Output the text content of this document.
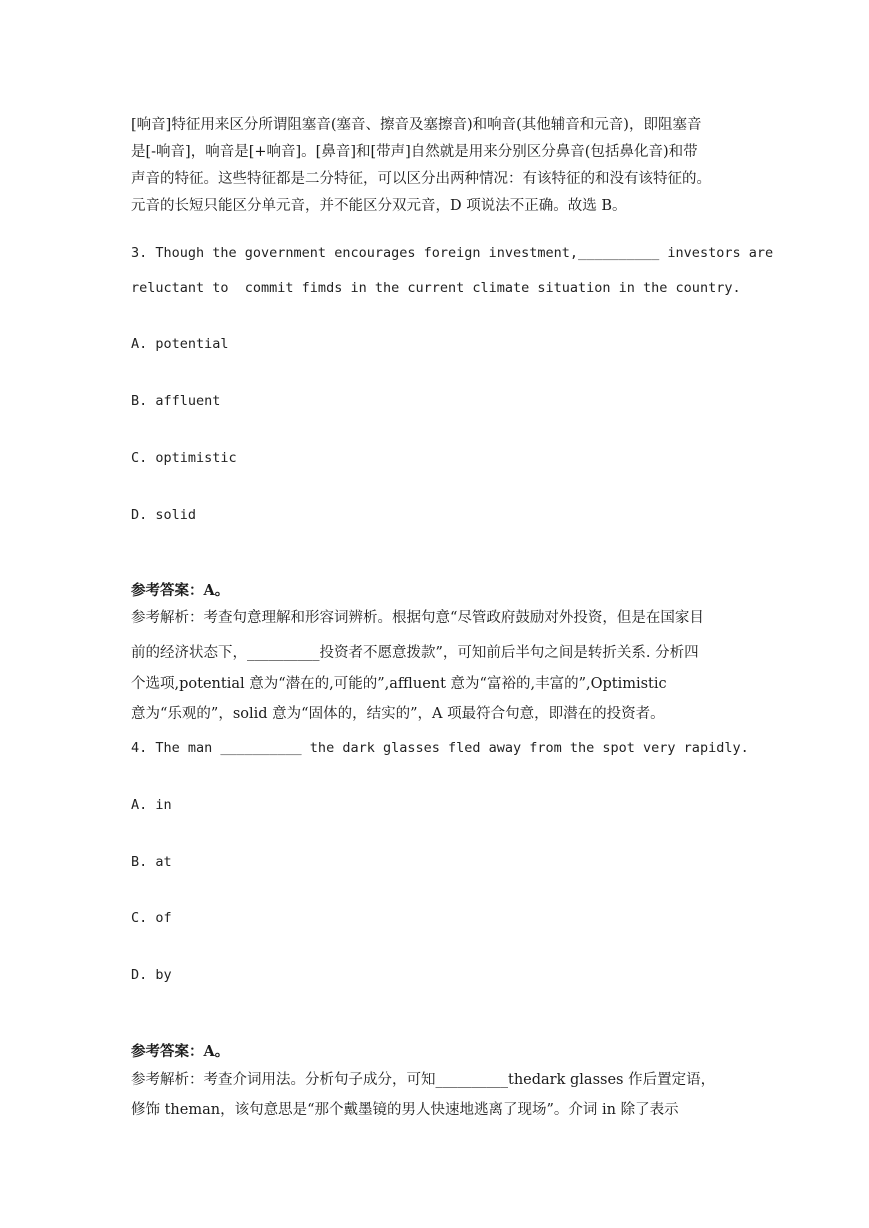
[响音]特征用来区分所谓阻塞音(塞音、擦音及塞擦音)和响音(其他辅音和元音)，即阻塞音
是[-响音]，响音是[+响音]。[鼻音]和[带声]自然就是用来分别区分鼻音(包括鼻化音)和带
声音的特征。这些特征都是二分特征，可以区分出两种情况：有该特征的和没有该特征的。
元音的长短只能区分单元音，并不能区分双元音，D 项说法不正确。故选 B。
3. Though the government encourages foreign investment,__________ investors are
reluctant to  commit fimds in the current climate situation in the country.
A. potential
B. affluent
C. optimistic
D. solid
参考答案：A。
参考解析：考查句意理解和形容词辨析。根据句意“尽管政府鼓励对外投资，但是在国家目
前的经济状态下，__________投资者不愿意拨款”，可知前后半句之间是转折关系. 分析四
个选项,potential 意为“潜在的,可能的”,affluent 意为“富裕的,丰富的”,Optimistic
意为“乐观的”，solid 意为“固体的，结实的”，A 项最符合句意，即潜在的投资者。
4. The man __________ the dark glasses fled away from the spot very rapidly.
A. in
B. at
C. of
D. by
参考答案：A。
参考解析：考查介词用法。分析句子成分，可知__________thedark glasses 作后置定语，
修饰 theman，该句意思是“那个戴墨镜的男人快速地逃离了现场”。介词 in 除了表示
